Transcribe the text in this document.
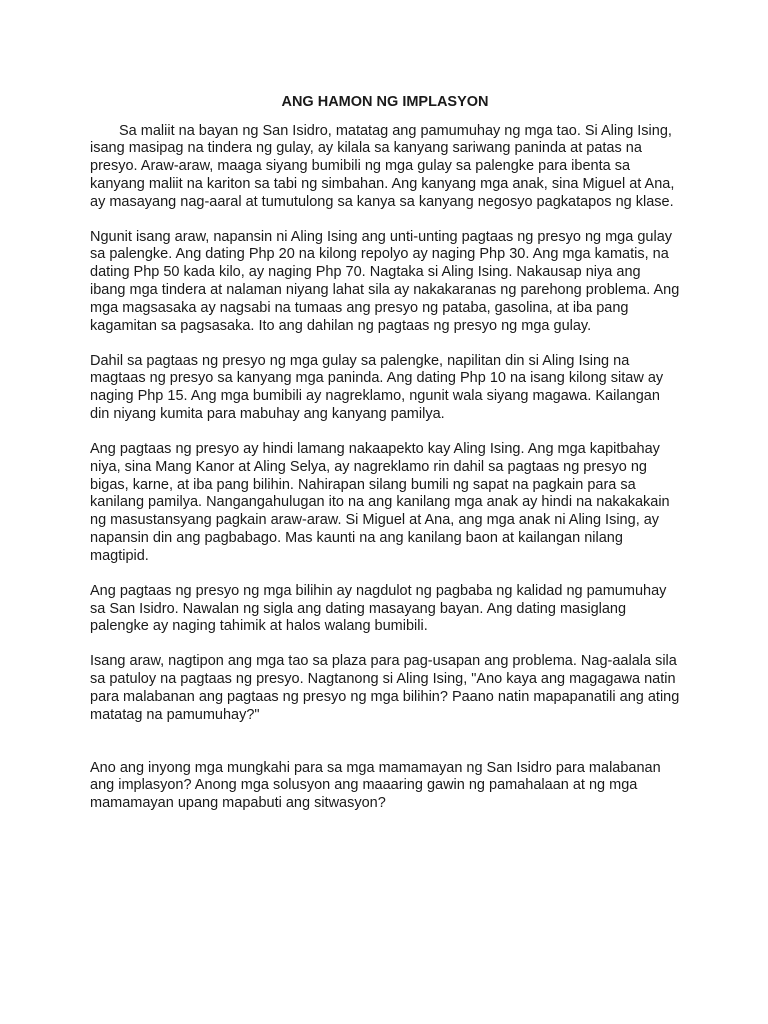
ANG HAMON NG IMPLASYON

Sa maliit na bayan ng San Isidro, matatag ang pamumuhay ng mga tao. Si Aling Ising, isang masipag na tindera ng gulay, ay kilala sa kanyang sariwang paninda at patas na presyo. Araw-araw, maaga siyang bumibili ng mga gulay sa palengke para ibenta sa kanyang maliit na kariton sa tabi ng simbahan. Ang kanyang mga anak, sina Miguel at Ana, ay masayang nag-aaral at tumutulong sa kanya sa kanyang negosyo pagkatapos ng klase.

Ngunit isang araw, napansin ni Aling Ising ang unti-unting pagtaas ng presyo ng mga gulay sa palengke. Ang dating Php 20 na kilong repolyo ay naging Php 30. Ang mga kamatis, na dating Php 50 kada kilo, ay naging Php 70. Nagtaka si Aling Ising. Nakausap niya ang ibang mga tindera at nalaman niyang lahat sila ay nakakaranas ng parehong problema. Ang mga magsasaka ay nagsabi na tumaas ang presyo ng pataba, gasolina, at iba pang kagamitan sa pagsasaka. Ito ang dahilan ng pagtaas ng presyo ng mga gulay.

Dahil sa pagtaas ng presyo ng mga gulay sa palengke, napilitan din si Aling Ising na magtaas ng presyo sa kanyang mga paninda. Ang dating Php 10 na isang kilong sitaw ay naging Php 15. Ang mga bumibili ay nagreklamo, ngunit wala siyang magawa. Kailangan din niyang kumita para mabuhay ang kanyang pamilya.

Ang pagtaas ng presyo ay hindi lamang nakaapekto kay Aling Ising. Ang mga kapitbahay niya, sina Mang Kanor at Aling Selya, ay nagreklamo rin dahil sa pagtaas ng presyo ng bigas, karne, at iba pang bilihin. Nahirapan silang bumili ng sapat na pagkain para sa kanilang pamilya. Nangangahulugan ito na ang kanilang mga anak ay hindi na nakakakain ng masustansyang pagkain araw-araw. Si Miguel at Ana, ang mga anak ni Aling Ising, ay napansin din ang pagbabago. Mas kaunti na ang kanilang baon at kailangan nilang magtipid.

Ang pagtaas ng presyo ng mga bilihin ay nagdulot ng pagbaba ng kalidad ng pamumuhay sa San Isidro. Nawalan ng sigla ang dating masayang bayan. Ang dating masiglang palengke ay naging tahimik at halos walang bumibili.

Isang araw, nagtipon ang mga tao sa plaza para pag-usapan ang problema. Nag-aalala sila sa patuloy na pagtaas ng presyo. Nagtanong si Aling Ising, "Ano kaya ang magagawa natin para malabanan ang pagtaas ng presyo ng mga bilihin? Paano natin mapapanatili ang ating matatag na pamumuhay?"

Ano ang inyong mga mungkahi para sa mga mamamayan ng San Isidro para malabanan ang implasyon? Anong mga solusyon ang maaaring gawin ng pamahalaan at ng mga mamamayan upang mapabuti ang sitwasyon?
